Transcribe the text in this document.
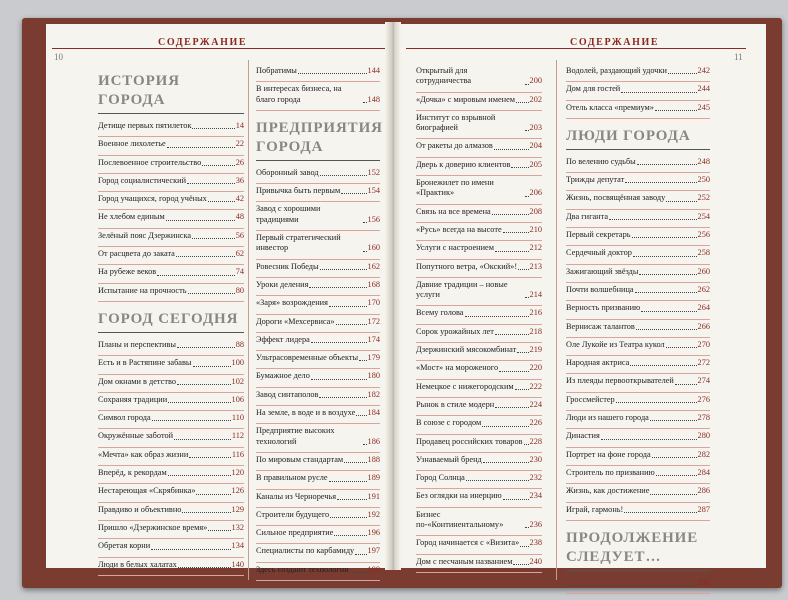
СОДЕРЖАНИЕ
10
ИСТОРИЯ ГОРОДА
Детище первых пятилеток	14
Военное лихолетье	22
Послевоенное строительство	26
Город социалистический	36
Город учащихся, город учёных	42
Не хлебом единым	48
Зелёный пояс Дзержинска	56
От расцвета до заката	62
На рубеже веков	74
Испытание на прочность	80
ГОРОД СЕГОДНЯ
Планы и перспективы	88
Есть и в Растяпине забавы	100
Дом окнами в детство	102
Сохраняя традиции	106
Символ города	110
Окружённые заботой	112
«Мечта» как образ жизни	116
Вперёд, к рекордам	120
Нестареющая «Скрябинка»	126
Правдиво и объективно	129
Пришло «Дзержинское время»	132
Обретая корни	134
Люди в белых халатах	140
Побратимы	144
В интересах бизнеса, на благо города	148
ПРЕДПРИЯТИЯ ГОРОДА
Оборонный завод	152
Привычка быть первым	154
Завод с хорошими традициями	156
Первый стратегический инвестор	160
Ровесник Победы	162
Уроки деления	168
«Заря» возрождения	170
Дороги «Мехсервиса»	172
Эффект лидера	174
Ультрасовременные объекты 179
Бумажное дело	180
Завод синтаполов	182
На земле, в воде и в воздухе 184
Предприятие высоких технологий	186
По мировым стандартам	188
В правильном русле	189
Каналы из Черноречья	191
Строители будущего	192
Сильное предприятие	196
Специалисты по карбамиду 197
Здесь создают технологии 198
СОДЕРЖАНИЕ
11
Открытый для сотрудничества	200
«Дочка» с мировым именем 202
Институт со взрывной биографией	203
От ракеты до алмазов	204
Дверь к доверию клиентов 205
Бронежилет по имени «Практик»	206
Связь на все времена	208
«Русь» всегда на высоте	210
Услуги с настроением	212
Попутного ветра, «Окский»! 213
Давние традиции – новые услуги	214
Всему голова	216
Сорок урожайных лет	218
Дзержинский мясокомбинат 219
«Мост» на мороженого	220
Немецкое с нижегородским 222
Рынок в стиле модерн	224
В союзе с городом	226
Продавец российских товаров 228
Узнаваемый бренд	230
Город Солнца	232
Без оглядки на инерцию	234
Бизнес по-«Континентальному»	236
Город начинается с «Визита» 238
Дом с песчаным названием 240
Водолей, раздающий удочки	242
Дом для гостей	244
Отель класса «премиум»	245
ЛЮДИ ГОРОДА
По велению судьбы	248
Трижды депутат	250
Жизнь, посвящённая заводу	252
Два гиганта	254
Первый секретарь	256
Сердечный доктор	258
Зажигающий звёзды	260
Почти волшебница	262
Верность призванию	264
Вернисаж талантов	266
Оле Лукойе из Театра кукол	270
Народная актриса	272
Из плеяды первооткрывателей	274
Гроссмейстер	276
Люди из нашего города	278
Династия	280
Портрет на фоне города	282
Строитель по призванию	284
Жизнь, как достижение	286
Играй, гармонь!	287
ПРОДОЛЖЕНИЕ СЛЕДУЕТ…
290
